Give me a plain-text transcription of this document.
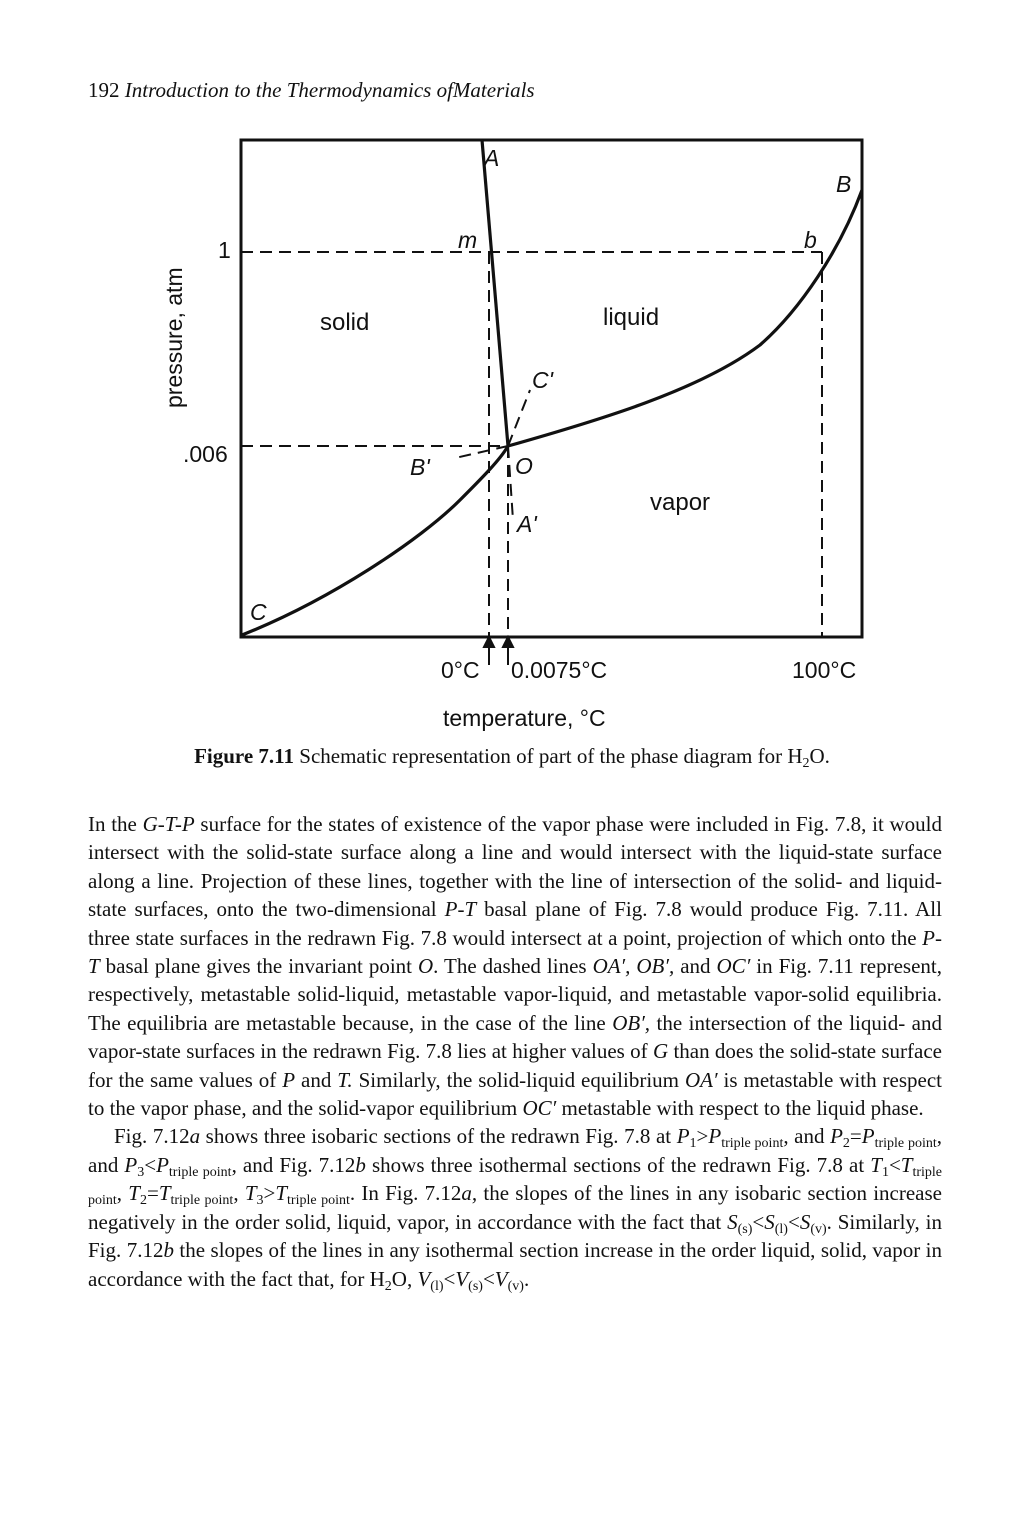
192 Introduction to the Thermodynamics ofMaterials
1
.006
0°C 0.0075°C	100°C
temperature, °C
pressure, atm	solid	liquid
vapor
A
B
C
m	b
O
A'
B'
C'
Figure 7.11 Schematic representation of part of the phase diagram for $H_2O$.

In the G-T-P surface for the states of existence of the vapor phase were included in Fig. 7.8, it would intersect with the solid-state surface along a line and would intersect with the liquid-state surface along a line. Projection of these lines, together with the line of intersection of the solid- and liquid-state surfaces, onto the two-dimensional P-T basal plane of Fig. 7.8 would produce Fig. 7.11. All three state surfaces in the redrawn Fig. 7.8 would intersect at a point, projection of which onto the P-T basal plane gives the invariant point O. The dashed lines OA′, OB′, and OC′ in Fig. 7.11 represent, respectively, metastable solid-liquid, metastable vapor-liquid, and metastable vapor-solid equilibria. The equilibria are metastable because, in the case of the line OB′, the intersection of the liquid- and vapor-state surfaces in the redrawn Fig. 7.8 lies at higher values of G than does the solid-state surface for the same values of P and T. Similarly, the solid-liquid equilibrium OA′ is metastable with respect to the vapor phase, and the solid-vapor equilibrium OC′ metastable with respect to the liquid phase.

Fig. 7.12a shows three isobaric sections of the redrawn Fig. 7.8 at $P_1>P_{triple point}$, and $P_2=P_{triple point}$, and $P_3<P_{triple point}$, and Fig. 7.12b shows three isothermal sections of the redrawn Fig. 7.8 at $T_1<T_{triple point}$, $T_2=T_{triple point}$, $T_3>T_{triple point}$. In Fig. 7.12a, the slopes of the lines in any isobaric section increase negatively in the order solid, liquid, vapor, in accordance with the fact that $S_{(s)}<S_{(l)}<S_{(v)}$. Similarly, in Fig. 7.12b the slopes of the lines in any isothermal section increase in the order liquid, solid, vapor in accordance with the fact that, for $H_2O$, $V_{(l)}<V_{(s)}<V_{(v)}$.
